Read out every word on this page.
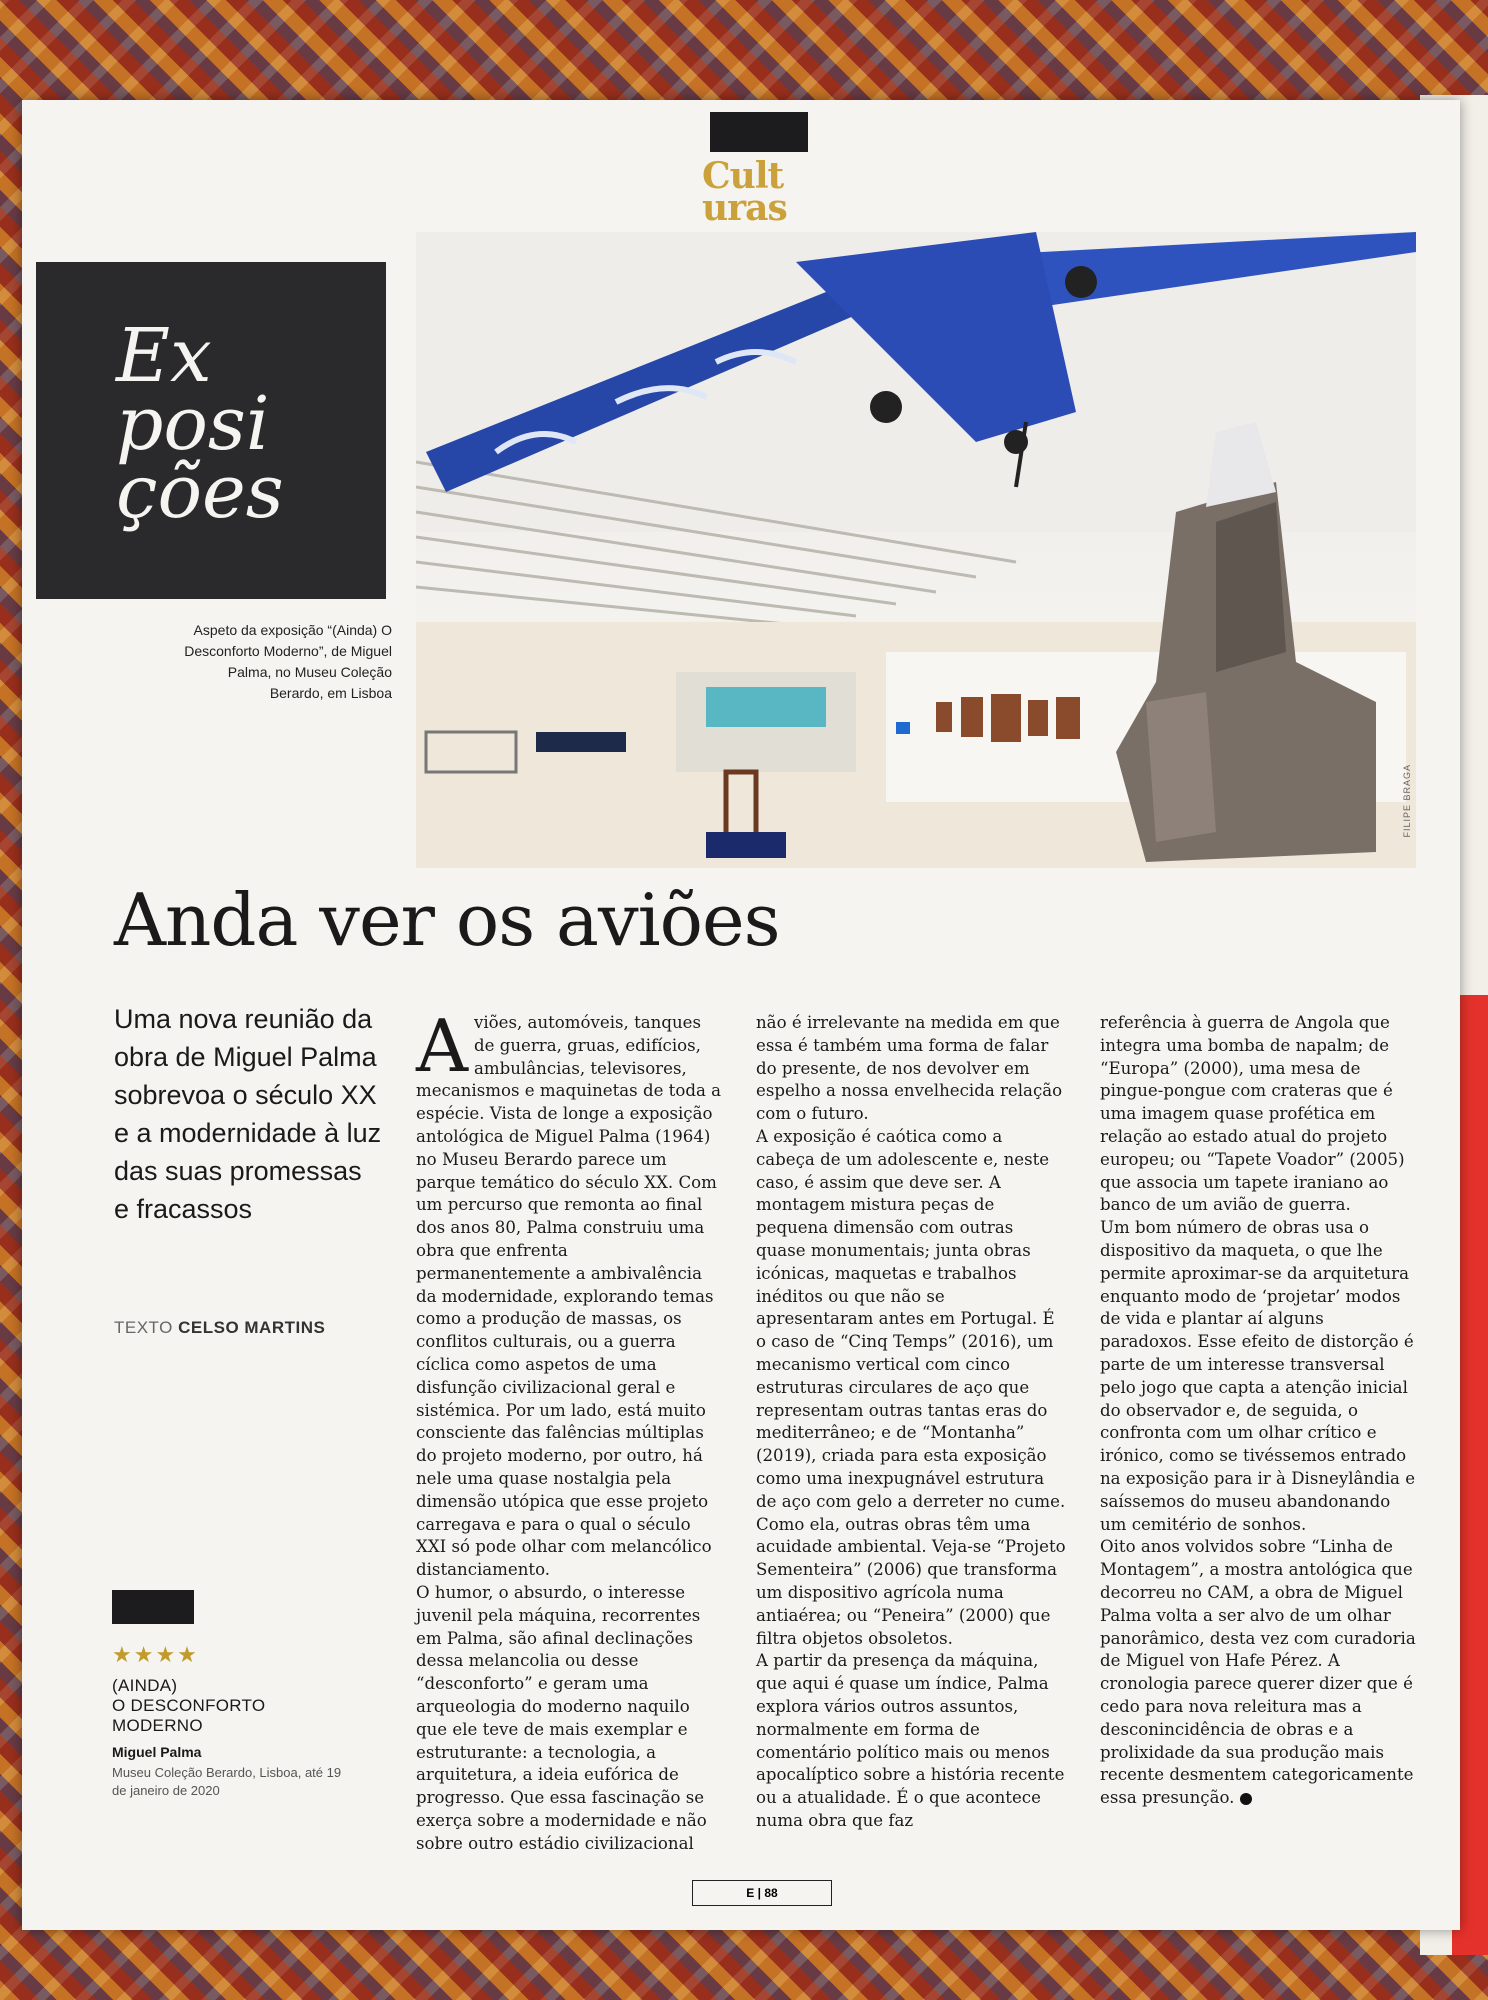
Cult
uras
Ex
posi
ções
Aspeto da exposição “(Ainda) O Desconforto Moderno”, de Miguel Palma, no Museu Coleção Berardo, em Lisboa
FILIPE BRAGA
Anda ver os aviões
Uma nova reunião da obra de Miguel Palma sobrevoa o século XX e a modernidade à luz das suas promessas e fracassos
TEXTO CELSO MARTINS
★★★★
(AINDA)
O DESCONFORTO
MODERNO
Miguel Palma
Museu Coleção Berardo, Lisboa, até 19 de janeiro de 2020

Aviões, automóveis, tanques de guerra, gruas, edifícios, ambulâncias, televisores, mecanismos e maquinetas de toda a espécie. Vista de longe a exposição antológica de Miguel Palma (1964) no Museu Berardo parece um parque temático do século XX. Com um percurso que remonta ao final dos anos 80, Palma construiu uma obra que enfrenta permanentemente a ambivalência da modernidade, explorando temas como a produção de massas, os conflitos culturais, ou a guerra cíclica como aspetos de uma disfunção civilizacional geral e sistémica. Por um lado, está muito consciente das falências múltiplas do projeto moderno, por outro, há nele uma quase nostalgia pela dimensão utópica que esse projeto carregava e para o qual o século XXI só pode olhar com melancólico distanciamento.

O humor, o absurdo, o interesse juvenil pela máquina, recorrentes em Palma, são afinal declinações dessa melancolia ou desse “desconforto” e geram uma arqueologia do moderno naquilo que ele teve de mais exemplar e estruturante: a tecnologia, a arquitetura, a ideia eufórica de progresso. Que essa fascinação se exerça sobre a modernidade e não sobre outro estádio civilizacional

não é irrelevante na medida em que essa é também uma forma de falar do presente, de nos devolver em espelho a nossa envelhecida relação com o futuro.

A exposição é caótica como a cabeça de um adolescente e, neste caso, é assim que deve ser. A montagem mistura peças de pequena dimensão com outras quase monumentais; junta obras icónicas, maquetas e trabalhos inéditos ou que não se apresentaram antes em Portugal. É o caso de “Cinq Temps” (2016), um mecanismo vertical com cinco estruturas circulares de aço que representam outras tantas eras do mediterrâneo; e de “Montanha” (2019), criada para esta exposição como uma inexpugnável estrutura de aço com gelo a derreter no cume. Como ela, outras obras têm uma acuidade ambiental. Veja-se “Projeto Sementeira” (2006) que transforma um dispositivo agrícola numa antiaérea; ou “Peneira” (2000) que filtra objetos obsoletos.

A partir da presença da máquina, que aqui é quase um índice, Palma explora vários outros assuntos, normalmente em forma de comentário político mais ou menos apocalíptico sobre a história recente ou a atualidade. É o que acontece numa obra que faz

referência à guerra de Angola que integra uma bomba de napalm; de “Europa” (2000), uma mesa de pingue-pongue com crateras que é uma imagem quase profética em relação ao estado atual do projeto europeu; ou “Tapete Voador” (2005) que associa um tapete iraniano ao banco de um avião de guerra.

Um bom número de obras usa o dispositivo da maqueta, o que lhe permite aproximar-se da arquitetura enquanto modo de ‘projetar’ modos de vida e plantar aí alguns paradoxos. Esse efeito de distorção é parte de um interesse transversal pelo jogo que capta a atenção inicial do observador e, de seguida, o confronta com um olhar crítico e irónico, como se tivéssemos entrado na exposição para ir à Disneylândia e saíssemos do museu abandonando um cemitério de sonhos.

Oito anos volvidos sobre “Linha de Montagem”, a mostra antológica que decorreu no CAM, a obra de Miguel Palma volta a ser alvo de um olhar panorâmico, desta vez com curadoria de Miguel von Hafe Pérez. A cronologia parece querer dizer que é cedo para nova releitura mas a desconincidência de obras e a prolixidade da sua produção mais recente desmentem categoricamente essa presunção.

E | 88
